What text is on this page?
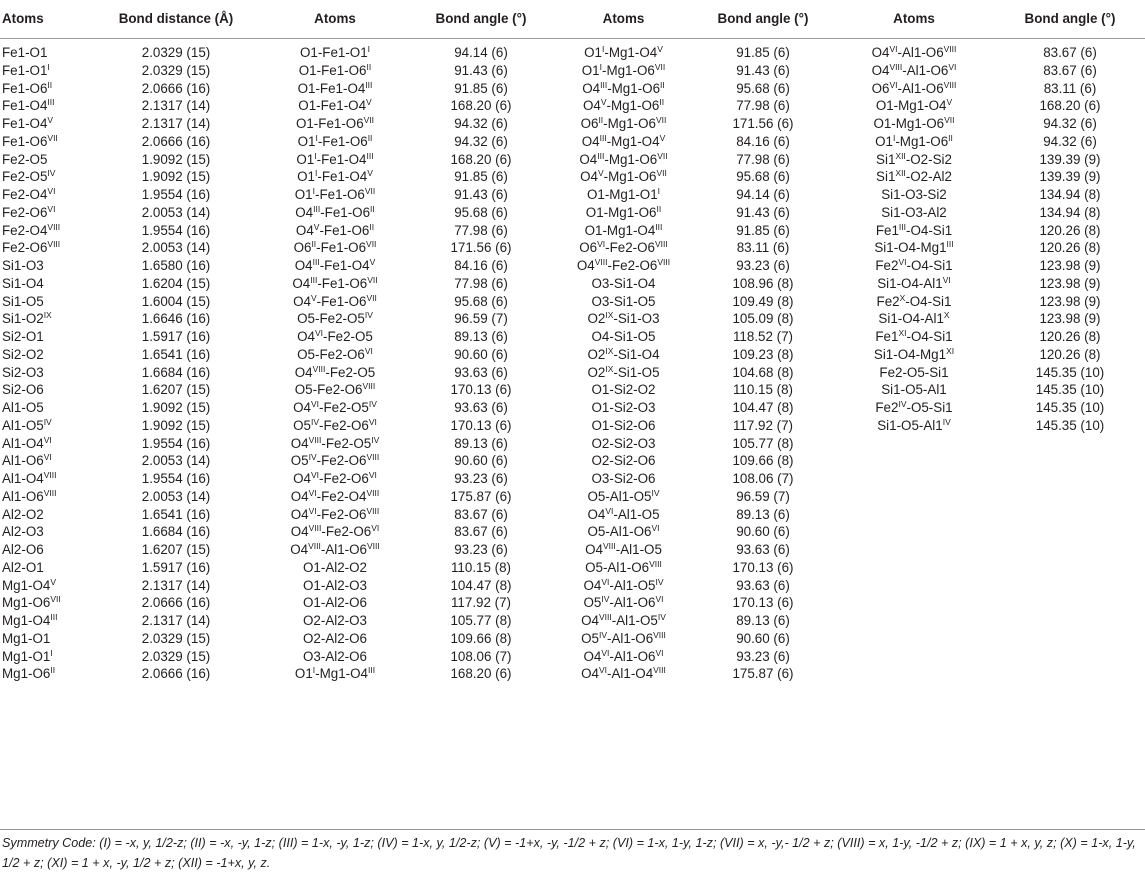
Atoms	Bond distance (Å)	Atoms	Bond angle (°)	Atoms	Bond angle (°)	Atoms	Bond angle (°)
Fe1-O1	2.0329 (15)	$O1-Fe1-O1^I$	94.14 (6)	$O1^I-Mg1-O4^V$	91.85 (6)	$O4^{VI}-Al1-O6^{VIII}$	83.67 (6)
$Fe1-O1^I$	2.0329 (15)	$O1-Fe1-O6^{II}$	91.43 (6)	$O1^I-Mg1-O6^{VII}$	91.43 (6)	$O4^{VIII}-Al1-O6^{VI}$	83.67 (6)
$Fe1-O6^{II}$	2.0666 (16)	$O1-Fe1-O4^{III}$	91.85 (6)	$O4^{III}-Mg1-O6^{II}$	95.68 (6)	$O6^{VI}-Al1-O6^{VIII}$	83.11 (6)
$Fe1-O4^{III}$	2.1317 (14)	$O1-Fe1-O4^V$	168.20 (6)	$O4^V-Mg1-O6^{II}$	77.98 (6)	$O1-Mg1-O4^V$	168.20 (6)
$Fe1-O4^V$	2.1317 (14)	$O1-Fe1-O6^{VII}$	94.32 (6)	$O6^{II}-Mg1-O6^{VII}$	171.56 (6)	$O1-Mg1-O6^{VII}$	94.32 (6)
$Fe1-O6^{VII}$	2.0666 (16)	$O1^I-Fe1-O6^{II}$	94.32 (6)	$O4^{III}-Mg1-O4^V$	84.16 (6)	$O1^I-Mg1-O6^{II}$	94.32 (6)
Fe2-O5	1.9092 (15)	$O1^I-Fe1-O4^{III}$	168.20 (6)	$O4^{III}-Mg1-O6^{VII}$	77.98 (6)	$Si1^{XII}-O2-Si2$	139.39 (9)
$Fe2-O5^{IV}$	1.9092 (15)	$O1^I-Fe1-O4^V$	91.85 (6)	$O4^V-Mg1-O6^{VII}$	95.68 (6)	$Si1^{XII}-O2-Al2$	139.39 (9)
$Fe2-O4^{VI}$	1.9554 (16)	$O1^I-Fe1-O6^{VII}$	91.43 (6)	$O1-Mg1-O1^I$	94.14 (6)	Si1-O3-Si2	134.94 (8)
$Fe2-O6^{VI}$	2.0053 (14)	$O4^{III}-Fe1-O6^{II}$	95.68 (6)	$O1-Mg1-O6^{II}$	91.43 (6)	Si1-O3-Al2	134.94 (8)
$Fe2-O4^{VIII}$	1.9554 (16)	$O4^V-Fe1-O6^{II}$	77.98 (6)	$O1-Mg1-O4^{III}$	91.85 (6)	$Fe1^{III}-O4-Si1$	120.26 (8)
$Fe2-O6^{VIII}$	2.0053 (14)	$O6^{II}-Fe1-O6^{VII}$	171.56 (6)	$O6^{VI}-Fe2-O6^{VIII}$	83.11 (6)	$Si1-O4-Mg1^{III}$	120.26 (8)
Si1-O3	1.6580 (16)	$O4^{III}-Fe1-O4^V$	84.16 (6)	$O4^{VIII}-Fe2-O6^{VIII}$	93.23 (6)	$Fe2^{VI}-O4-Si1$	123.98 (9)
Si1-O4	1.6204 (15)	$O4^{III}-Fe1-O6^{VII}$	77.98 (6)	O3-Si1-O4	108.96 (8)	$Si1-O4-Al1^{VI}$	123.98 (9)
Si1-O5	1.6004 (15)	$O4^V-Fe1-O6^{VII}$	95.68 (6)	O3-Si1-O5	109.49 (8)	$Fe2^X-O4-Si1$	123.98 (9)
$Si1-O2^{IX}$	1.6646 (16)	$O5-Fe2-O5^{IV}$	96.59 (7)	$O2^{IX}-Si1-O3$	105.09 (8)	$Si1-O4-Al1^X$	123.98 (9)
Si2-O1	1.5917 (16)	$O4^{VI}-Fe2-O5$	89.13 (6)	O4-Si1-O5	118.52 (7)	$Fe1^{XI}-O4-Si1$	120.26 (8)
Si2-O2	1.6541 (16)	$O5-Fe2-O6^{VI}$	90.60 (6)	$O2^{IX}-Si1-O4$	109.23 (8)	$Si1-O4-Mg1^{XI}$	120.26 (8)
Si2-O3	1.6684 (16)	$O4^{VIII}-Fe2-O5$	93.63 (6)	$O2^{IX}-Si1-O5$	104.68 (8)	Fe2-O5-Si1	145.35 (10)
Si2-O6	1.6207 (15)	$O5-Fe2-O6^{VIII}$	170.13 (6)	O1-Si2-O2	110.15 (8)	Si1-O5-Al1	145.35 (10)
Al1-O5	1.9092 (15)	$O4^{VI}-Fe2-O5^{IV}$	93.63 (6)	O1-Si2-O3	104.47 (8)	$Fe2^{IV}-O5-Si1$	145.35 (10)
$Al1-O5^{IV}$	1.9092 (15)	$O5^{IV}-Fe2-O6^{VI}$	170.13 (6)	O1-Si2-O6	117.92 (7)	$Si1-O5-Al1^{IV}$	145.35 (10)
$Al1-O4^{VI}$	1.9554 (16)	$O4^{VIII}-Fe2-O5^{IV}$	89.13 (6)	O2-Si2-O3	105.77 (8)		
$Al1-O6^{VI}$	2.0053 (14)	$O5^{IV}-Fe2-O6^{VIII}$	90.60 (6)	O2-Si2-O6	109.66 (8)		
$Al1-O4^{VIII}$	1.9554 (16)	$O4^{VI}-Fe2-O6^{VI}$	93.23 (6)	O3-Si2-O6	108.06 (7)		
$Al1-O6^{VIII}$	2.0053 (14)	$O4^{VI}-Fe2-O4^{VIII}$	175.87 (6)	$O5-Al1-O5^{IV}$	96.59 (7)		
Al2-O2	1.6541 (16)	$O4^{VI}-Fe2-O6^{VIII}$	83.67 (6)	$O4^{VI}-Al1-O5$	89.13 (6)		
Al2-O3	1.6684 (16)	$O4^{VIII}-Fe2-O6^{VI}$	83.67 (6)	$O5-Al1-O6^{VI}$	90.60 (6)		
Al2-O6	1.6207 (15)	$O4^{VIII}-Al1-O6^{VIII}$	93.23 (6)	$O4^{VIII}-Al1-O5$	93.63 (6)		
Al2-O1	1.5917 (16)	O1-Al2-O2	110.15 (8)	$O5-Al1-O6^{VIII}$	170.13 (6)		
$Mg1-O4^V$	2.1317 (14)	O1-Al2-O3	104.47 (8)	$O4^{VI}-Al1-O5^{IV}$	93.63 (6)		
$Mg1-O6^{VII}$	2.0666 (16)	O1-Al2-O6	117.92 (7)	$O5^{IV}-Al1-O6^{VI}$	170.13 (6)		
$Mg1-O4^{III}$	2.1317 (14)	O2-Al2-O3	105.77 (8)	$O4^{VIII}-Al1-O5^{IV}$	89.13 (6)		
Mg1-O1	2.0329 (15)	O2-Al2-O6	109.66 (8)	$O5^{IV}-Al1-O6^{VIII}$	90.60 (6)		
$Mg1-O1^I$	2.0329 (15)	O3-Al2-O6	108.06 (7)	$O4^{VI}-Al1-O6^{VI}$	93.23 (6)		
$Mg1-O6^{II}$	2.0666 (16)	$O1^I-Mg1-O4^{III}$	168.20 (6)	$O4^{VI}-Al1-O4^{VIII}$	175.87 (6)		
Symmetry Code: (I) = -x, y, 1/2-z; (II) = -x, -y, 1-z; (III) = 1-x, -y, 1-z; (IV) = 1-x, y, 1/2-z; (V) = -1+x, -y, -1/2 + z; (VI) = 1-x, 1-y, 1-z; (VII) = x, -y,- 1/2 + z; (VIII) = x, 1-y, -1/2 + z; (IX) = 1 + x, y, z; (X) = 1-x, 1-y, 1/2 + z; (XI) = 1 + x, -y, 1/2 + z; (XII) = -1+x, y, z.
